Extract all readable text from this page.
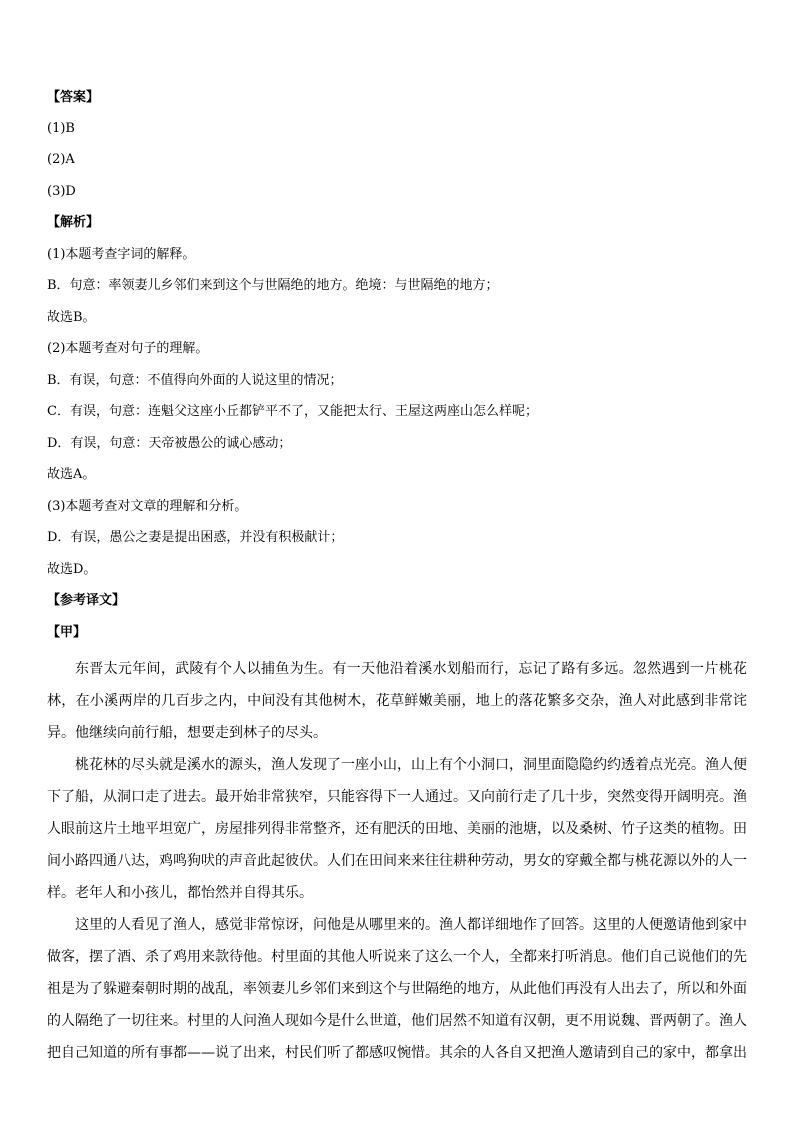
【答案】
(1)B
(2)A
(3)D
【解析】
(1)本题考查字词的解释。
B．句意：率领妻儿乡邻们来到这个与世隔绝的地方。绝境：与世隔绝的地方；
故选B。
(2)本题考查对句子的理解。
B．有误，句意：不值得向外面的人说这里的情况；
C．有误，句意：连魁父这座小丘都铲平不了，又能把太行、王屋这两座山怎么样呢；
D．有误，句意：天帝被愚公的诚心感动；
故选A。
(3)本题考查对文章的理解和分析。
D．有误，愚公之妻是提出困惑，并没有积极献计；
故选D。
【参考译文】
【甲】
东晋太元年间，武陵有个人以捕鱼为生。有一天他沿着溪水划船而行，忘记了路有多远。忽然遇到一片桃花林，在小溪两岸的几百步之内，中间没有其他树木，花草鲜嫩美丽，地上的落花繁多交杂，渔人对此感到非常诧异。他继续向前行船，想要走到林子的尽头。
桃花林的尽头就是溪水的源头，渔人发现了一座小山，山上有个小洞口，洞里面隐隐约约透着点光亮。渔人便下了船，从洞口走了进去。最开始非常狭窄，只能容得下一人通过。又向前行走了几十步，突然变得开阔明亮。渔人眼前这片土地平坦宽广，房屋排列得非常整齐，还有肥沃的田地、美丽的池塘，以及桑树、竹子这类的植物。田间小路四通八达，鸡鸣狗吠的声音此起彼伏。人们在田间来来往往耕种劳动，男女的穿戴全都与桃花源以外的人一样。老年人和小孩儿，都怡然并自得其乐。
这里的人看见了渔人，感觉非常惊讶，问他是从哪里来的。渔人都详细地作了回答。这里的人便邀请他到家中做客，摆了酒、杀了鸡用来款待他。村里面的其他人听说来了这么一个人，全都来打听消息。他们自己说他们的先祖是为了躲避秦朝时期的战乱，率领妻儿乡邻们来到这个与世隔绝的地方，从此他们再没有人出去了，所以和外面的人隔绝了一切往来。村里的人问渔人现如今是什么世道，他们居然不知道有汉朝，更不用说魏、晋两朝了。渔人把自己知道的所有事都——说了出来，村民们听了都感叹惋惜。其余的人各自又把渔人邀请到自己的家中，都拿出
